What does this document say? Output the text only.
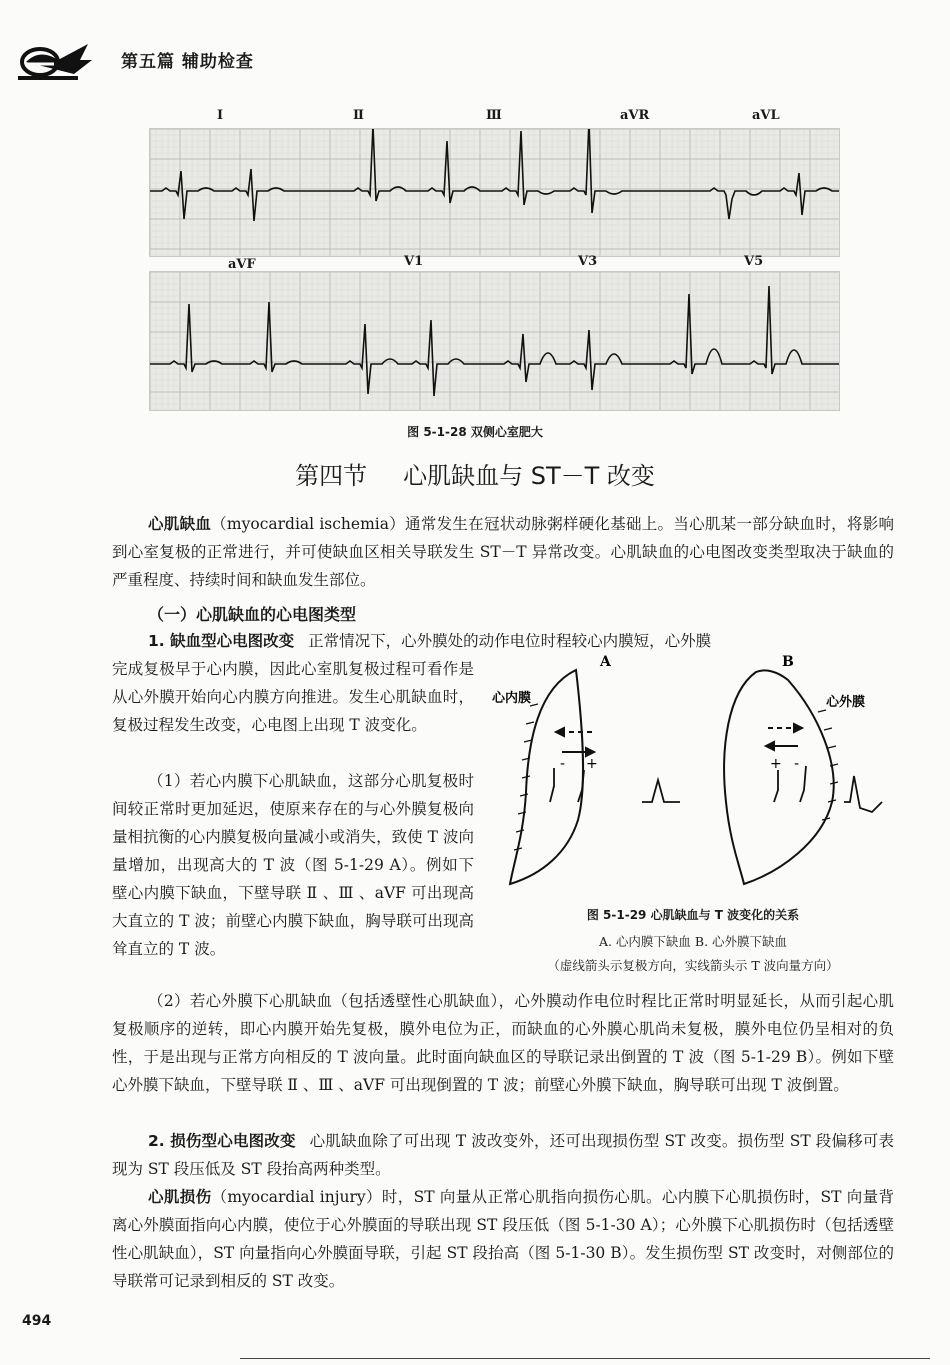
第五篇 辅助检查
Ⅰ	Ⅱ	Ⅲ	aVR	aVL
aVF	V1	V3	V5
图 5-1-28 双侧心室肥大
第四节 心肌缺血与 ST－T 改变
心肌缺血（myocardial ischemia）通常发生在冠状动脉粥样硬化基础上。当心肌某一部分缺血时，将影响到心室复极的正常进行，并可使缺血区相关导联发生 ST－T 异常改变。心肌缺血的心电图改变类型取决于缺血的严重程度、持续时间和缺血发生部位。
（一）心肌缺血的心电图类型
1. 缺血型心电图改变 正常情况下，心外膜处的动作电位时程较心内膜短，心外膜
完成复极早于心内膜，因此心室肌复极过程可看作是从心外膜开始向心内膜方向推进。发生心肌缺血时，复极过程发生改变，心电图上出现 T 波变化。
（1）若心内膜下心肌缺血，这部分心肌复极时间较正常时更加延迟，使原来存在的与心外膜复极向量相抗衡的心内膜复极向量减小或消失，致使 T 波向量增加，出现高大的 T 波（图 5-1-29 A）。例如下壁心内膜下缺血，下壁导联 Ⅱ 、Ⅲ 、aVF 可出现高大直立的 T 波；前壁心内膜下缺血，胸导联可出现高耸直立的 T 波。
A	B
心内膜	心外膜
- +	+ -
图 5-1-29 心肌缺血与 T 波变化的关系
A. 心内膜下缺血 B. 心外膜下缺血
（虚线箭头示复极方向，实线箭头示 T 波向量方向）
（2）若心外膜下心肌缺血（包括透壁性心肌缺血），心外膜动作电位时程比正常时明显延长，从而引起心肌复极顺序的逆转，即心内膜开始先复极，膜外电位为正，而缺血的心外膜心肌尚未复极，膜外电位仍呈相对的负性，于是出现与正常方向相反的 T 波向量。此时面向缺血区的导联记录出倒置的 T 波（图 5-1-29 B）。例如下壁心外膜下缺血，下壁导联 Ⅱ 、Ⅲ 、aVF 可出现倒置的 T 波；前壁心外膜下缺血，胸导联可出现 T 波倒置。
2. 损伤型心电图改变 心肌缺血除了可出现 T 波改变外，还可出现损伤型 ST 改变。损伤型 ST 段偏移可表现为 ST 段压低及 ST 段抬高两种类型。
心肌损伤（myocardial injury）时，ST 向量从正常心肌指向损伤心肌。心内膜下心肌损伤时，ST 向量背离心外膜面指向心内膜，使位于心外膜面的导联出现 ST 段压低（图 5-1-30 A）；心外膜下心肌损伤时（包括透壁性心肌缺血），ST 向量指向心外膜面导联，引起 ST 段抬高（图 5-1-30 B）。发生损伤型 ST 改变时，对侧部位的导联常可记录到相反的 ST 改变。
494
